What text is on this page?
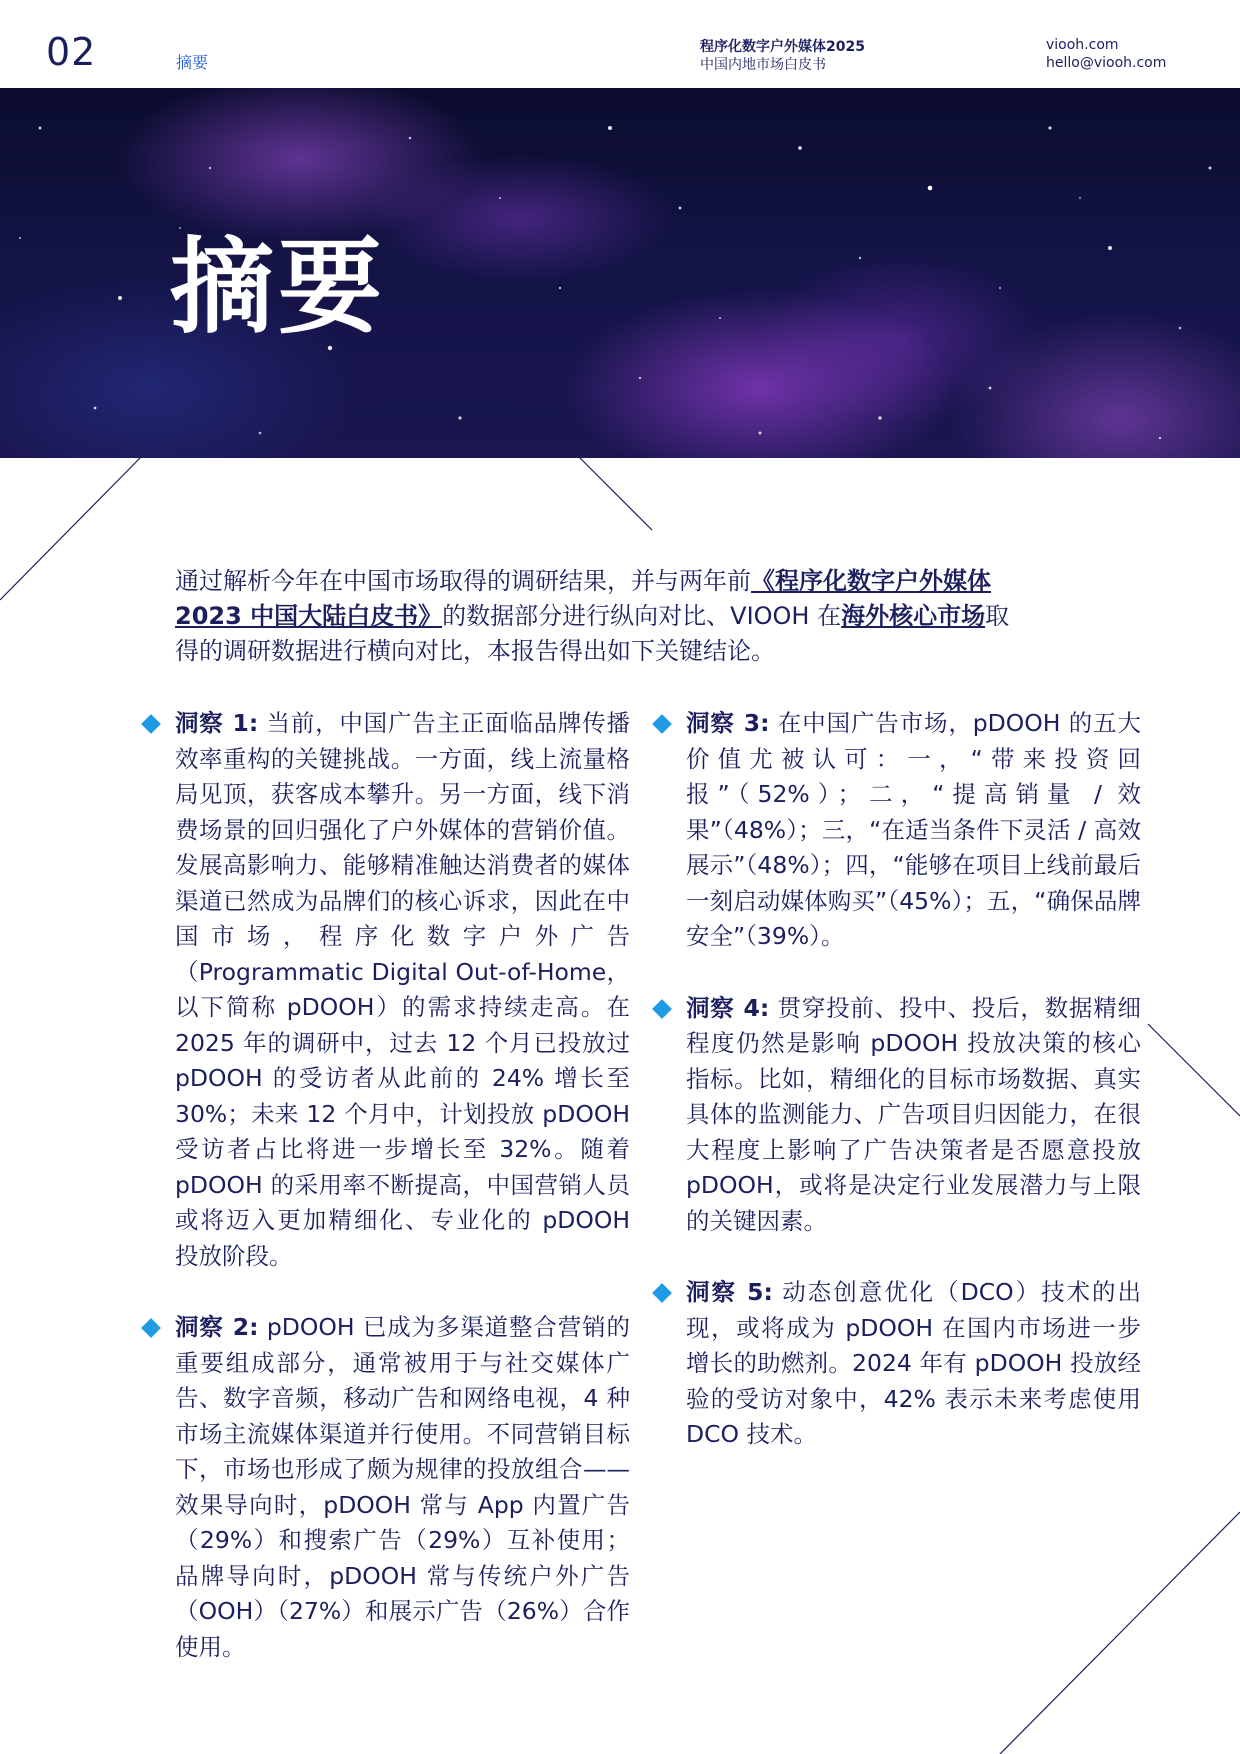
02	摘要
程序化数字户外媒体2025
中国内地市场白皮书
viooh.com
hello@viooh.com
摘要
通过解析今年在中国市场取得的调研结果，并与两年前《程序化数字户外媒体2023 中国大陆白皮书》的数据部分进行纵向对比、VIOOH 在海外核心市场取得的调研数据进行横向对比，本报告得出如下关键结论。
洞察 1: 当前，中国广告主正面临品牌传播效率重构的关键挑战。一方面，线上流量格局见顶，获客成本攀升。另一方面，线下消费场景的回归强化了户外媒体的营销价值。发展高影响力、能够精准触达消费者的媒体渠道已然成为品牌们的核心诉求，因此在中国市场，程序化数字户外广告（Programmatic Digital Out-of-Home，以下简称 pDOOH）的需求持续走高。在 2025 年的调研中，过去 12 个月已投放过 pDOOH 的受访者从此前的 24% 增长至 30%；未来 12 个月中，计划投放 pDOOH 受访者占比将进一步增长至 32%。随着 pDOOH 的采用率不断提高，中国营销人员或将迈入更加精细化、专业化的 pDOOH 投放阶段。
洞察 2: pDOOH 已成为多渠道整合营销的重要组成部分，通常被用于与社交媒体广告、数字音频，移动广告和网络电视，4 种市场主流媒体渠道并行使用。不同营销目标下，市场也形成了颇为规律的投放组合——效果导向时，pDOOH 常与 App 内置广告（29%）和搜索广告（29%）互补使用；品牌导向时，pDOOH 常与传统户外广告（OOH）（27%）和展示广告（26%）合作使用。
洞察 3: 在中国广告市场，pDOOH 的五大价值尤被认可：一，“带来投资回报”（52%）；二，“提高销量 / 效果”（48%）；三，“在适当条件下灵活 / 高效展示”（48%）；四，“能够在项目上线前最后一刻启动媒体购买”（45%）；五，“确保品牌安全”（39%）。
洞察 4: 贯穿投前、投中、投后，数据精细程度仍然是影响 pDOOH 投放决策的核心指标。比如，精细化的目标市场数据、真实具体的监测能力、广告项目归因能力，在很大程度上影响了广告决策者是否愿意投放 pDOOH，或将是决定行业发展潜力与上限的关键因素。
洞察 5: 动态创意优化（DCO）技术的出现，或将成为 pDOOH 在国内市场进一步增长的助燃剂。2024 年有 pDOOH 投放经验的受访对象中，42% 表示未来考虑使用 DCO 技术。
